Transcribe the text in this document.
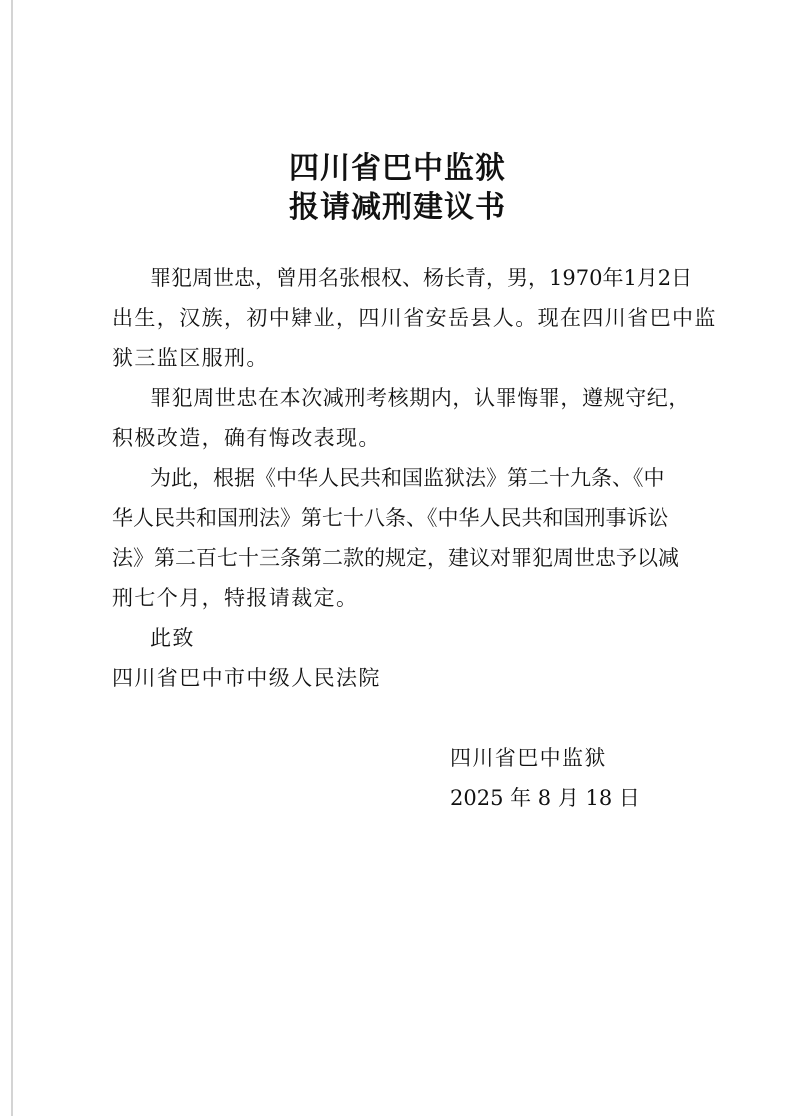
四川省巴中监狱
报请减刑建议书
罪犯周世忠，曾用名张根权、杨长青，男，1970年1月2日
出生，汉族，初中肄业，四川省安岳县人。现在四川省巴中监
狱三监区服刑。
罪犯周世忠在本次减刑考核期内，认罪悔罪，遵规守纪，
积极改造，确有悔改表现。
为此，根据《中华人民共和国监狱法》第二十九条、《中
华人民共和国刑法》第七十八条、《中华人民共和国刑事诉讼
法》第二百七十三条第二款的规定，建议对罪犯周世忠予以减
刑七个月，特报请裁定。
此致
四川省巴中市中级人民法院
四川省巴中监狱
2025 年 8 月 18 日
